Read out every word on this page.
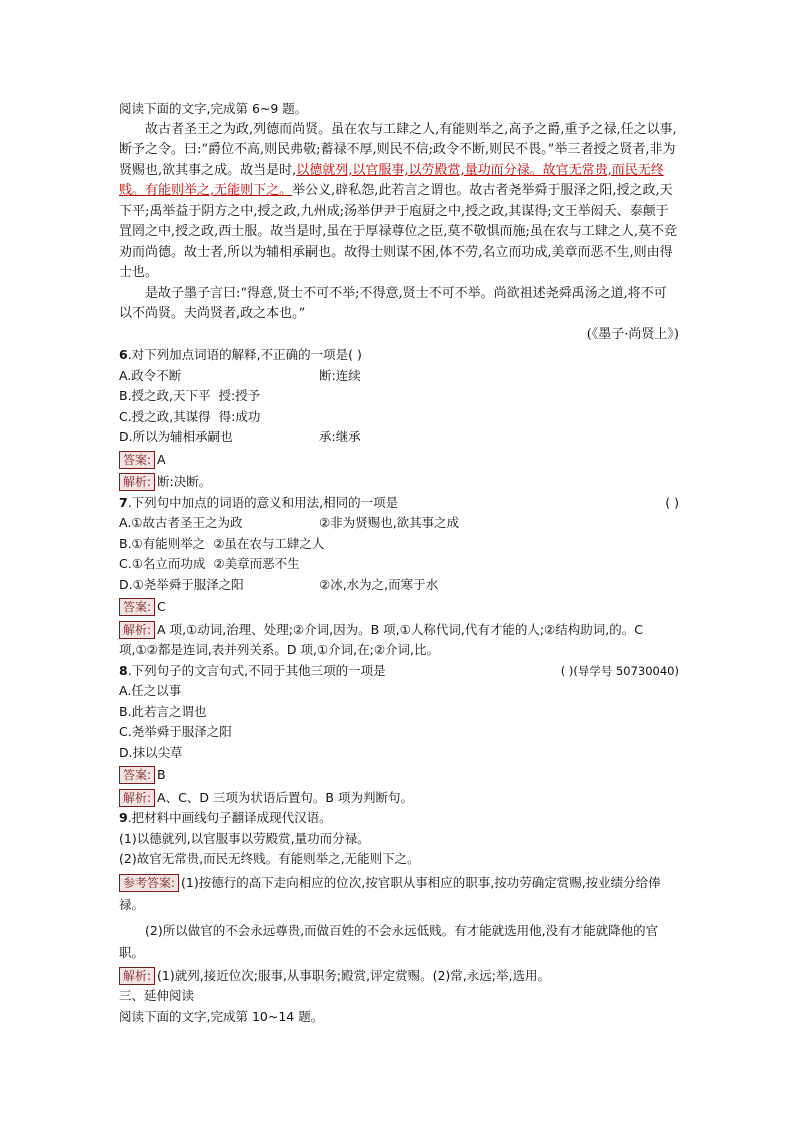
阅读下面的文字,完成第 6~9 题。

故古者圣王之为政,列德而尚贤。虽在农与工肆之人,有能则举之,高予之爵,重予之禄,任之以事,断予之令。曰:“爵位不高,则民弗敬;蓄禄不厚,则民不信;政令不断,则民不畏。”举三者授之贤者,非为贤赐也,欲其事之成。故当是时,以德就列,以官服事,以劳殿赏,量功而分禄。故官无常贵,而民无终贱。有能则举之,无能则下之。举公义,辟私怨,此若言之谓也。故古者尧举舜于服泽之阳,授之政,天下平;禹举益于阴方之中,授之政,九州成;汤举伊尹于庖厨之中,授之政,其谋得;文王举闳夭、泰颠于罝罔之中,授之政,西土服。故当是时,虽在于厚禄尊位之臣,莫不敬惧而施;虽在农与工肆之人,莫不竞劝而尚德。故士者,所以为辅相承嗣也。故得士则谋不困,体不劳,名立而功成,美章而恶不生,则由得士也。

是故子墨子言曰:“得意,贤士不可不举;不得意,贤士不可不举。尚欲祖述尧舜禹汤之道,将不可以不尚贤。夫尚贤者,政之本也。”

(《墨子·尚贤上》)

6.对下列加点词语的解释,不正确的一项是( )

A.政令不断	断:连续

B.授之政,天下平 授:授予

C.授之政,其谋得 得:成功

D.所以为辅相承嗣也	承:继承

答案: A

解析: 断:决断。

7.下列句中加点的词语的意义和用法,相同的一项是	( )

A.①故古者圣王之为政	②非为贤赐也,欲其事之成

B.①有能则举之 ②虽在农与工肆之人

C.①名立而功成 ②美章而恶不生

D.①尧举舜于服泽之阳	②冰,水为之,而寒于水

答案: C

解析: A 项,①动词,治理、处理;②介词,因为。B 项,①人称代词,代有才能的人;②结构助词,的。C 项,①②都是连词,表并列关系。D 项,①介词,在;②介词,比。

8.下列句子的文言句式,不同于其他三项的一项是	( )(导学号 50730040)

A.任之以事

B.此若言之谓也

C.尧举舜于服泽之阳

D.抹以尖草

答案: B

解析: A、C、D 三项为状语后置句。B 项为判断句。

9.把材料中画线句子翻译成现代汉语。

(1)以德就列,以官服事以劳殿赏,量功而分禄。

(2)故官无常贵,而民无终贱。有能则举之,无能则下之。

参考答案: (1)按德行的高下走向相应的位次,按官职从事相应的职事,按功劳确定赏赐,按业绩分给俸禄。

(2)所以做官的不会永远尊贵,而做百姓的不会永远低贱。有才能就选用他,没有才能就降他的官职。

解析: (1)就列,接近位次;服事,从事职务;殿赏,评定赏赐。(2)常,永远;举,选用。

三、延伸阅读

阅读下面的文字,完成第 10~14 题。
